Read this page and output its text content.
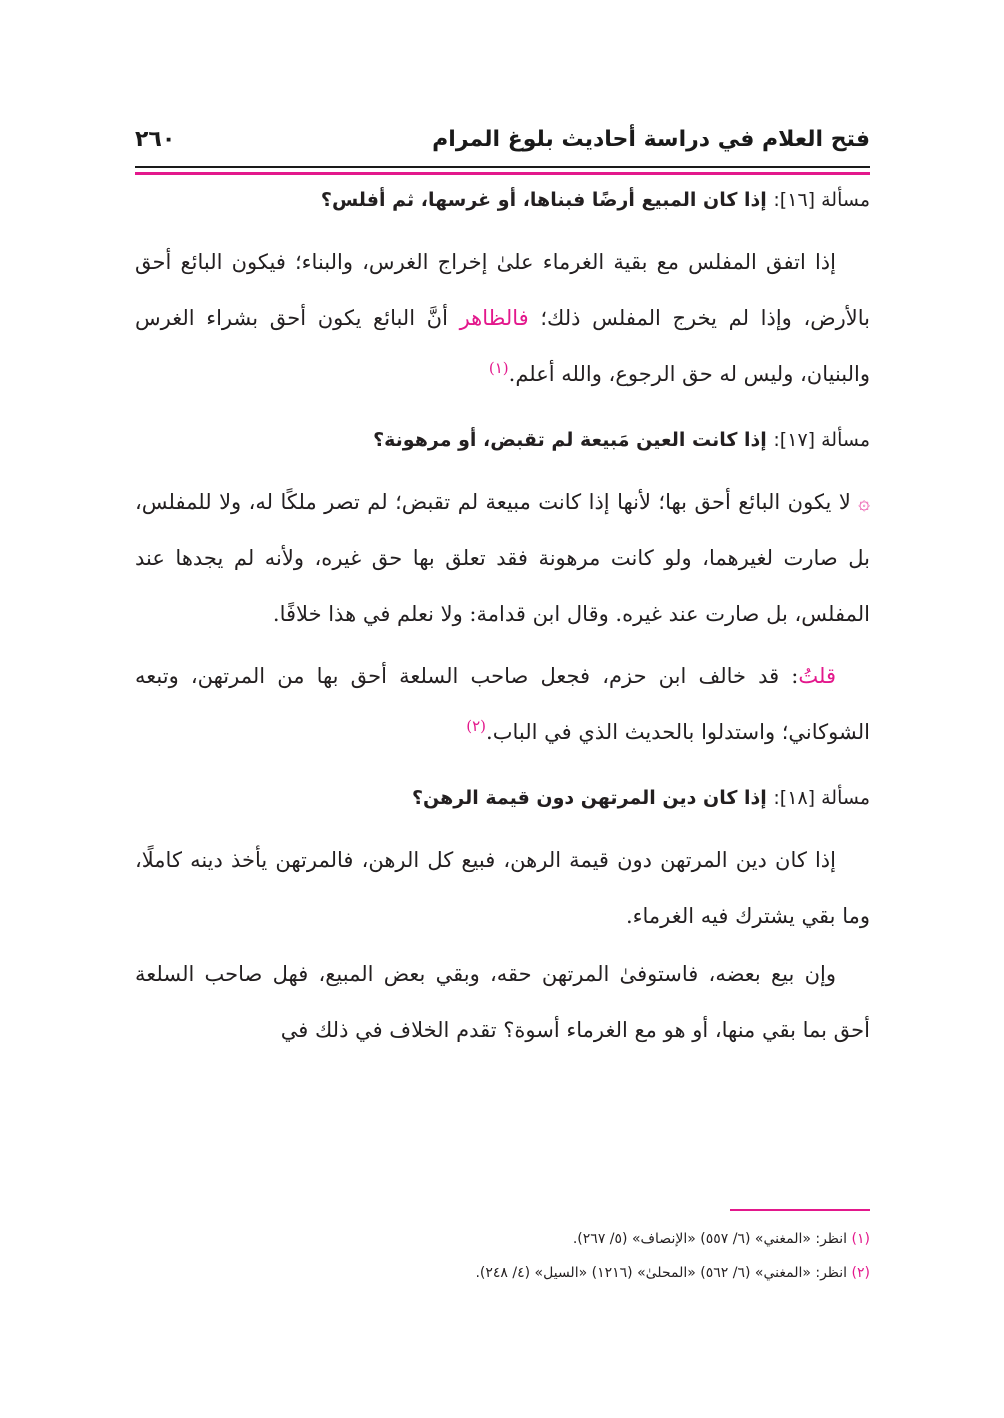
فتح العلام في دراسة أحاديث بلوغ المرام
٢٦٠

مسألة [١٦]: إذا كان المبيع أرضًا فبناها، أو غرسها، ثم أفلس؟

إذا اتفق المفلس مع بقية الغرماء علىٰ إخراج الغرس، والبناء؛ فيكون البائع أحق بالأرض، وإذا لم يخرج المفلس ذلك؛ فالظاهر أنَّ البائع يكون أحق بشراء الغرس والبنيان، وليس له حق الرجوع، والله أعلم.$^{(١)}$

مسألة [١٧]: إذا كانت العين مَبيعة لم تقبض، أو مرهونة؟

۞ لا يكون البائع أحق بها؛ لأنها إذا كانت مبيعة لم تقبض؛ لم تصر ملكًا له، ولا للمفلس، بل صارت لغيرهما، ولو كانت مرهونة فقد تعلق بها حق غيره، ولأنه لم يجدها عند المفلس، بل صارت عند غيره. وقال ابن قدامة: ولا نعلم في هذا خلافًا.

قلتُ: قد خالف ابن حزم، فجعل صاحب السلعة أحق بها من المرتهن، وتبعه الشوكاني؛ واستدلوا بالحديث الذي في الباب.$^{(٢)}$

مسألة [١٨]: إذا كان دين المرتهن دون قيمة الرهن؟

إذا كان دين المرتهن دون قيمة الرهن، فبيع كل الرهن، فالمرتهن يأخذ دينه كاملًا، وما بقي يشترك فيه الغرماء.

وإن بيع بعضه، فاستوفىٰ المرتهن حقه، وبقي بعض المبيع، فهل صاحب السلعة أحق بما بقي منها، أو هو مع الغرماء أسوة؟ تقدم الخلاف في ذلك في

(١) انظر: «المغني» (٦/ ٥٥٧) «الإنصاف» (٥/ ٢٦٧).

(٢) انظر: «المغني» (٦/ ٥٦٢) «المحلىٰ» (١٢١٦) «السيل» (٤/ ٢٤٨).
